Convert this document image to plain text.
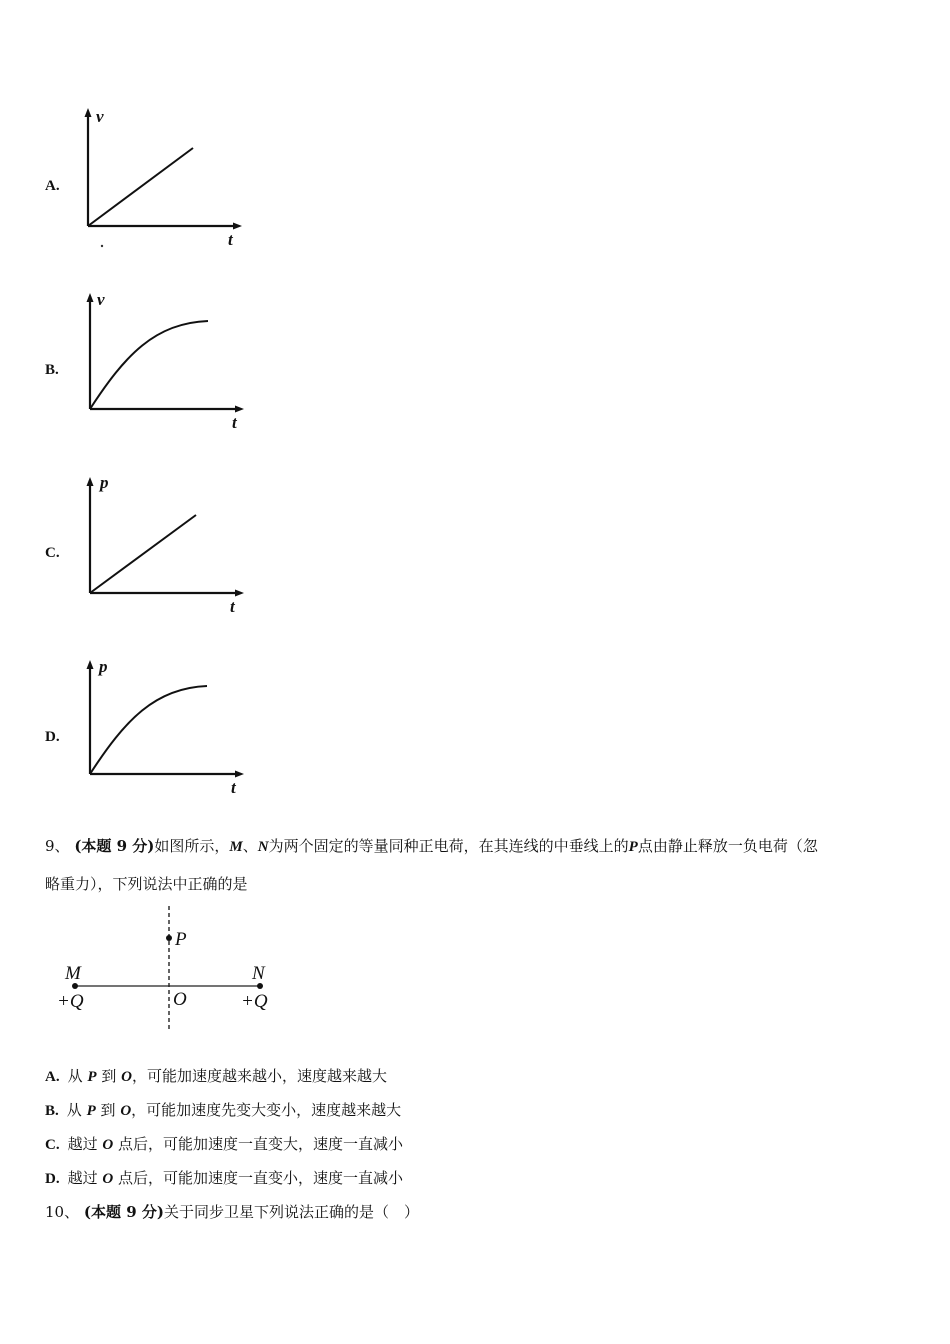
A.
v
t
B.
v
t
C.
p
t
D.
p
t
9、 (本题 9 分)如图所示，M、N为两个固定的等量同种正电荷，在其连线的中垂线上的P点由静止释放一负电荷（忽
略重力），下列说法中正确的是
M	N
P
O
+Q	+Q
A. 从 P 到 O，可能加速度越来越小，速度越来越大
B. 从 P 到 O，可能加速度先变大变小，速度越来越大
C. 越过 O 点后，可能加速度一直变大，速度一直减小
D. 越过 O 点后，可能加速度一直变小，速度一直减小
10、 (本题 9 分)关于同步卫星下列说法正确的是（　）
